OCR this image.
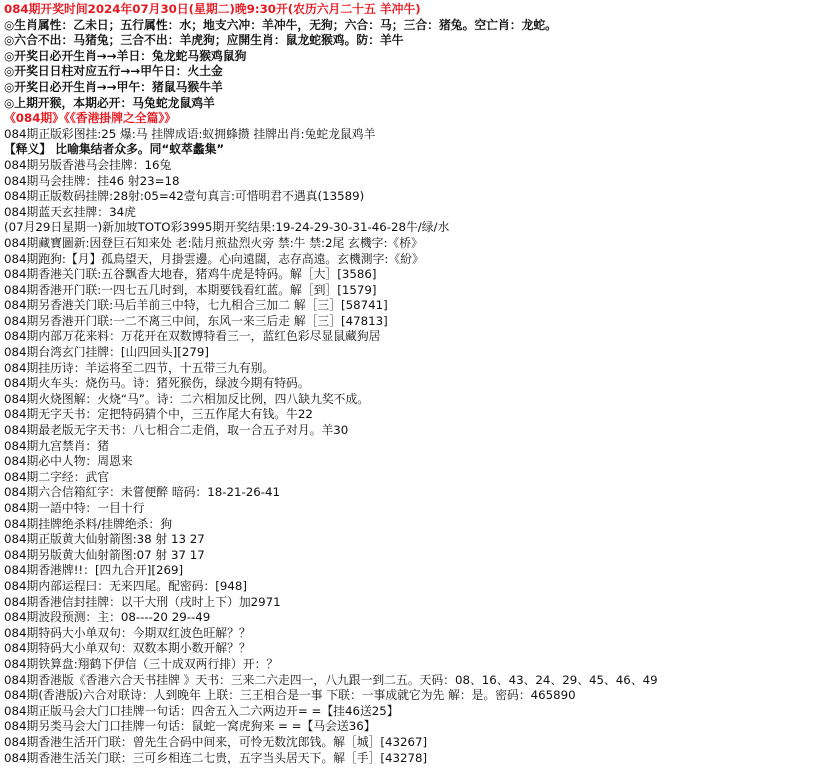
084期开奖时间2024年07月30日(星期二)晚9:30开(农历六月二十五 羊冲牛)
◎生肖属性：乙未日；五行属性：水；地支六冲：羊冲牛，无狗；六合：马；三合：猪兔。空亡肖：龙蛇。
◎六合不出：马猪兔；三合不出：羊虎狗；应開生肖：鼠龙蛇猴鸡。防：羊牛
◎开奖日必开生肖→→羊日：兔龙蛇马猴鸡鼠狗
◎开奖日日柱对应五行→→甲午日：火土金
◎开奖日必开生肖→→甲午：猪鼠马猴牛羊
◎上期开猴，本期必开：马兔蛇龙鼠鸡羊
《084期》《《香港掛牌之全篇》》
084期正版彩图挂:25 爆:马 挂牌成语:蚁拥蜂攒 挂牌出肖:兔蛇龙鼠鸡羊
【释义】 比喻集结者众多。同“蚁萃蠡集”
084期另版香港马会挂牌：16兔
084期马会挂牌：挂46 射23=18
084期正版数码挂牌:28射:05=42壹句真言:可惜明君不遇真(13589)
084期蓝天玄挂牌：34虎
(07月29日星期一)新加坡TOTO彩3995期开奖结果:19-24-29-30-31-46-28牛/绿/水
084期藏寶圖新:因登巨石知来处 老:陆月煎盐烈火旁 禁:牛 禁:2尾 玄機字:《桥》
084期跑狗:【月】孤鳥望天，月掛雲邊。心向遠闊，志存高遠。玄機測字:《紛》
084期香港关门联:五谷飘香大地春，猪鸡牛虎是特码。解［大］[3586]
084期香港开门联:一四七五几时到，本期要钱看红蓝。解［到］[1579]
084期另香港关门联:马后羊前三中特，七九相合三加二 解［三］[58741]
084期另香港开门联:一二不离三中间，东风一来三后走 解［三］[47813]
084期内部万花来料：万花开在双数博特看三一，蓝红色彩尽显鼠藏狗居
084期台湾玄门挂牌：[山四回头][279]
084期挂历诗：羊运将至二四节，十五带三九有别。
084期火车头：烧伤马。诗：猪死猴伤，绿波今期有特码。
084期火烧图解：火烧“马”。诗：二六相加反比例，四八缺九奖不成。
084期无字天书：定把特码猜个中，三五作尾大有钱。牛22
084期最老版无字天书：八七相合二走俏，取一合五子对月。羊30
084期九宫禁肖：猪
084期必中人物：周恩来
084期二字经：武官
084期六合信箱紅字：未嘗便醉 暗码：18-21-26-41
084期一語中特：一目十行
084期挂牌绝杀料/挂牌绝杀：狗
084期正版黄大仙射箭图:38 射 13 27
084期另版黄大仙射箭图:07 射 37 17
084期香港牌!!：[四九合开][269]
084期内部运程曰：无来四尾。配密码：[948]
084期香港信封挂牌：以干大刑（戌时上下）加2971
084期波段预测：主：08----20 29--49
084期特码大小单双句：今期双红波色旺解？？
084期特码大小单双句：双数本期小数开解？？
084期铁算盘:翔鹤下伊信（三十成双两行排）开：？
084期香港版《香港六合天书挂牌 》天书：三来二六走四一，八九跟一到二五。天码：08、16、43、24、29、45、46、49
084期(香港版)六合对联诗：人到晚年 上联：三王相合是一事 下联：一事成就它为先 解：是。密码：465890
084期正版马会大门口挂牌一句话：四舍五入二六两边开= =【挂46送25】
084期另类马会大门口挂牌一句话：鼠蛇一窝虎狗来 = =【马会送36】
084期香港生活开门联：曾先生合码中间来，可怜无数沈郎钱。解［城］[43267]
084期香港生活关门联：三可乡相连二七贵，五字当头居天下。解［手］[43278]
